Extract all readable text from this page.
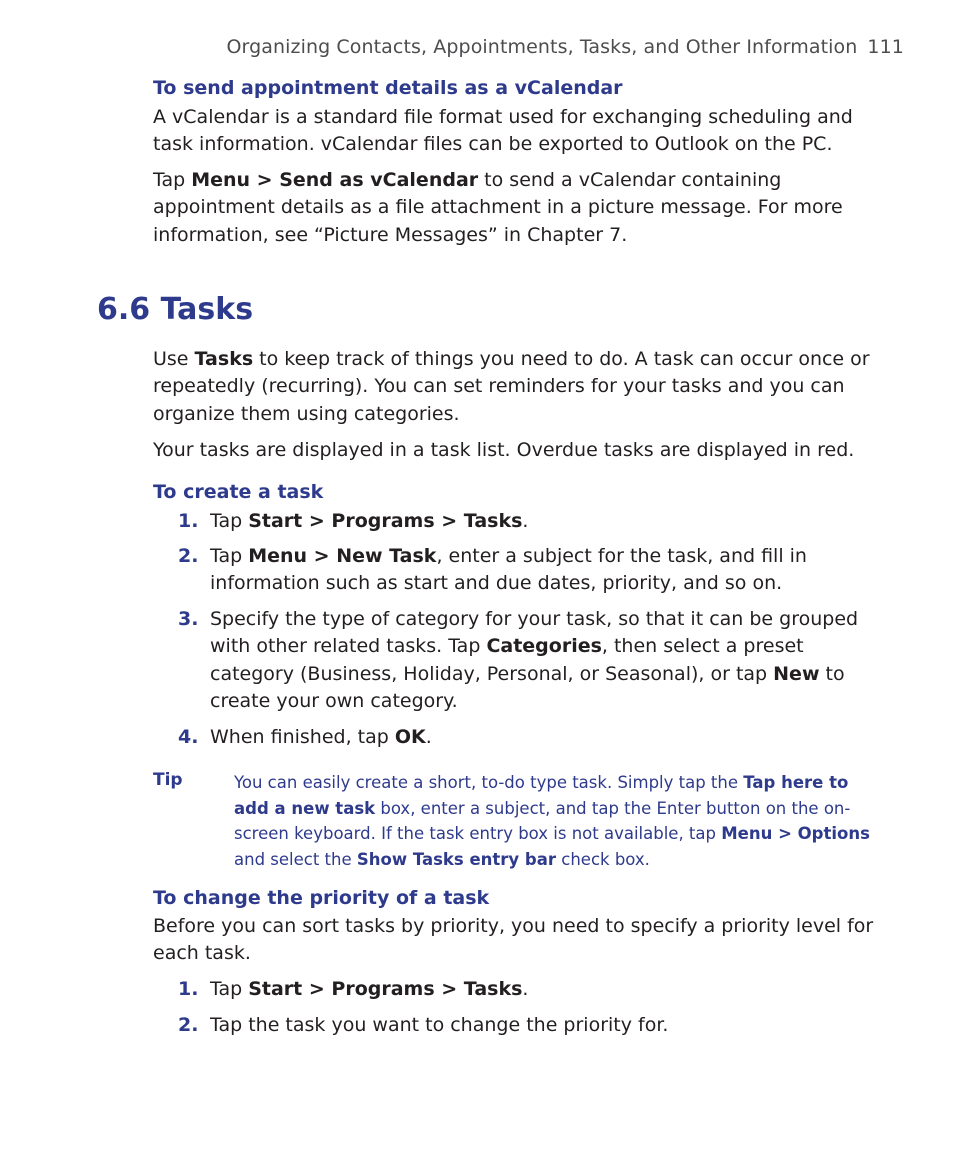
Organizing Contacts, Appointments, Tasks, and Other Information 111
To send appointment details as a vCalendar

A vCalendar is a standard file format used for exchanging scheduling and task information. vCalendar files can be exported to Outlook on the PC.

Tap Menu > Send as vCalendar to send a vCalendar containing appointment details as a file attachment in a picture message. For more information, see “Picture Messages” in Chapter 7.

6.6 Tasks

Use Tasks to keep track of things you need to do. A task can occur once or repeatedly (recurring). You can set reminders for your tasks and you can organize them using categories.

Your tasks are displayed in a task list. Overdue tasks are displayed in red.

To create a task
1. Tap Start > Programs > Tasks.
2. Tap Menu > New Task, enter a subject for the task, and fill in information such as start and due dates, priority, and so on.
3. Specify the type of category for your task, so that it can be grouped with other related tasks. Tap Categories, then select a preset category (Business, Holiday, Personal, or Seasonal), or tap New to create your own category.
4. When finished, tap OK.
Tip	You can easily create a short, to-do type task. Simply tap the Tap here to add a new task box, enter a subject, and tap the Enter button on the on-screen keyboard. If the task entry box is not available, tap Menu > Options and select the Show Tasks entry bar check box.

To change the priority of a task

Before you can sort tasks by priority, you need to specify a priority level for each task.

1. Tap Start > Programs > Tasks.
2. Tap the task you want to change the priority for.
